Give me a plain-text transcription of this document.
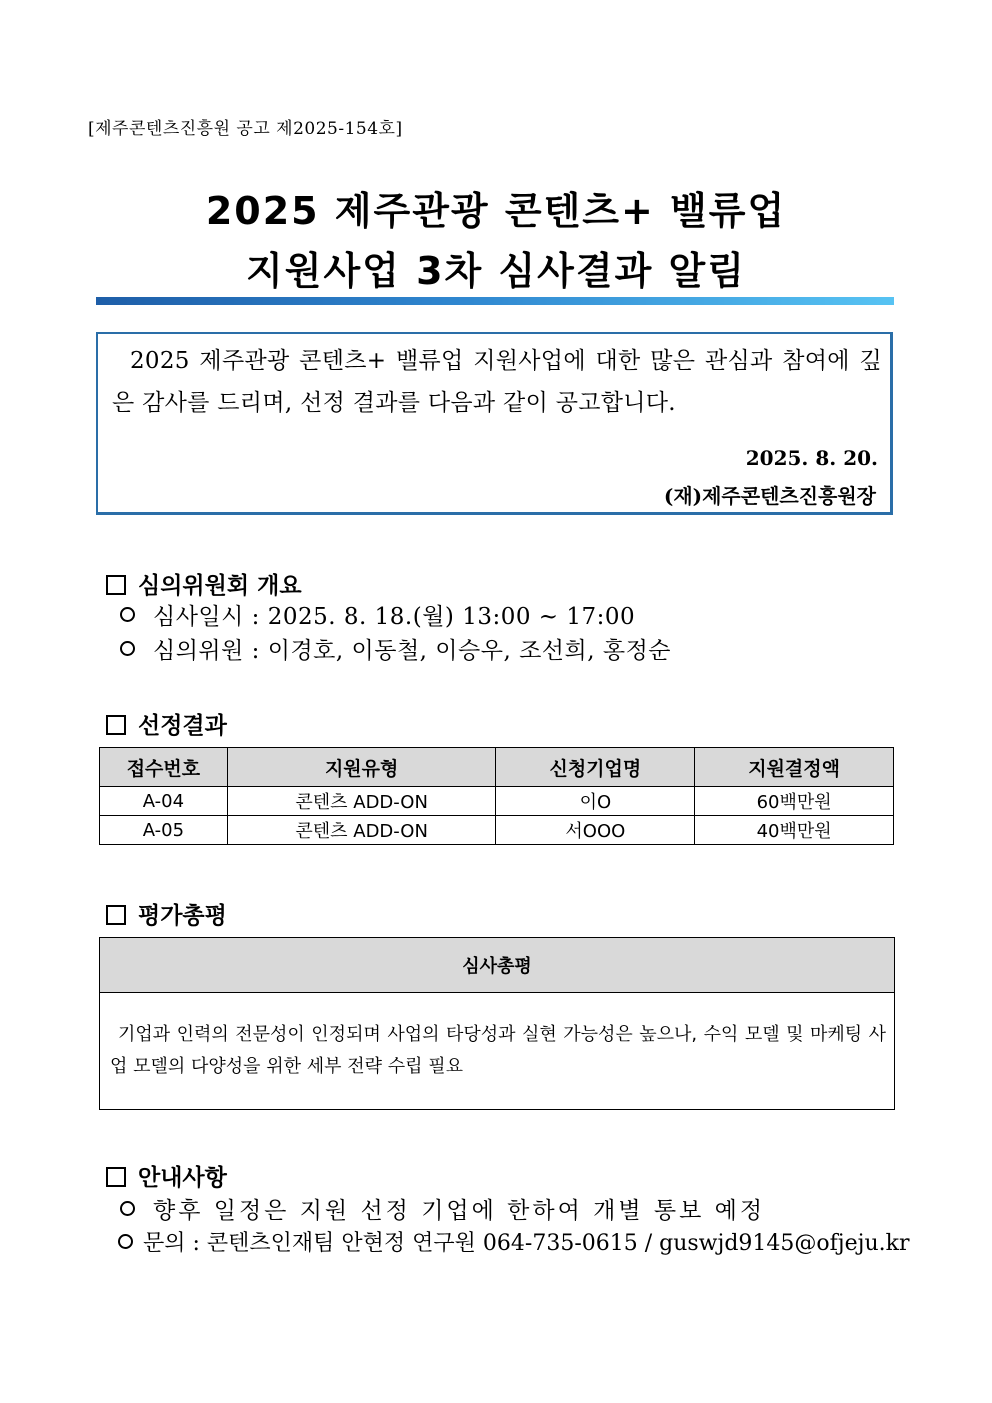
[제주콘텐츠진흥원 공고 제2025-154호]
2025 제주관광 콘텐츠+ 밸류업
지원사업 3차 심사결과 알림
2025 제주관광 콘텐츠+ 밸류업 지원사업에 대한 많은 관심과 참여에 깊은 감사를 드리며, 선정 결과를 다음과 같이 공고합니다.
2025. 8. 20.
(재)제주콘텐츠진흥원장
심의위원회 개요
심사일시 : 2025. 8. 18.(월) 13:00 ~ 17:00
심의위원 : 이경호, 이동철, 이승우, 조선희, 홍정순
선정결과
접수번호	지원유형	신청기업명	지원결정액
A-04	콘텐츠 ADD-ON	이O	60백만원
A-05	콘텐츠 ADD-ON	서OOO	40백만원
평가총평
심사총평

기업과 인력의 전문성이 인정되며 사업의 타당성과 실현 가능성은 높으나, 수익 모델 및 마케팅 사업 모델의 다양성을 위한 세부 전략 수립 필요
안내사항
향후 일정은 지원 선정 기업에 한하여 개별 통보 예정
문의 : 콘텐츠인재팀 안현정 연구원 064-735-0615 / guswjd9145@ofjeju.kr
